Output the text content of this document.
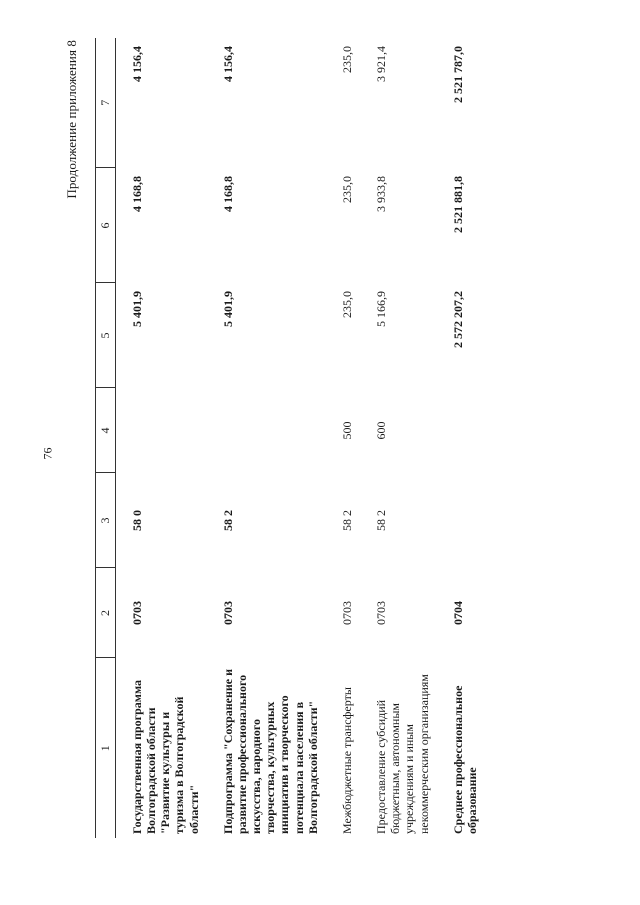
76
Продолжение приложения 8
1	2	3	4	5	6	7
Государственная программа Волгоградской области "Развитие культуры и туризма в Волгоградской области"	0703	58 0		5 401,9	4 168,8	4 156,4
Подпрограмма "Сохранение и развитие профессионального искусства, народного творчества, культурных инициатив и творческого потенциала населения в Волгоградской области"	0703	58 2		5 401,9	4 168,8	4 156,4
Межбюджетные трансферты	0703	58 2	500	235,0	235,0	235,0
Предоставление субсидий бюджетным, автономным учреждениям и иным некоммерческим организациям	0703	58 2	600	5 166,9	3 933,8	3 921,4
Среднее профессиональное образование	0704			2 572 207,2	2 521 881,8	2 521 787,0
